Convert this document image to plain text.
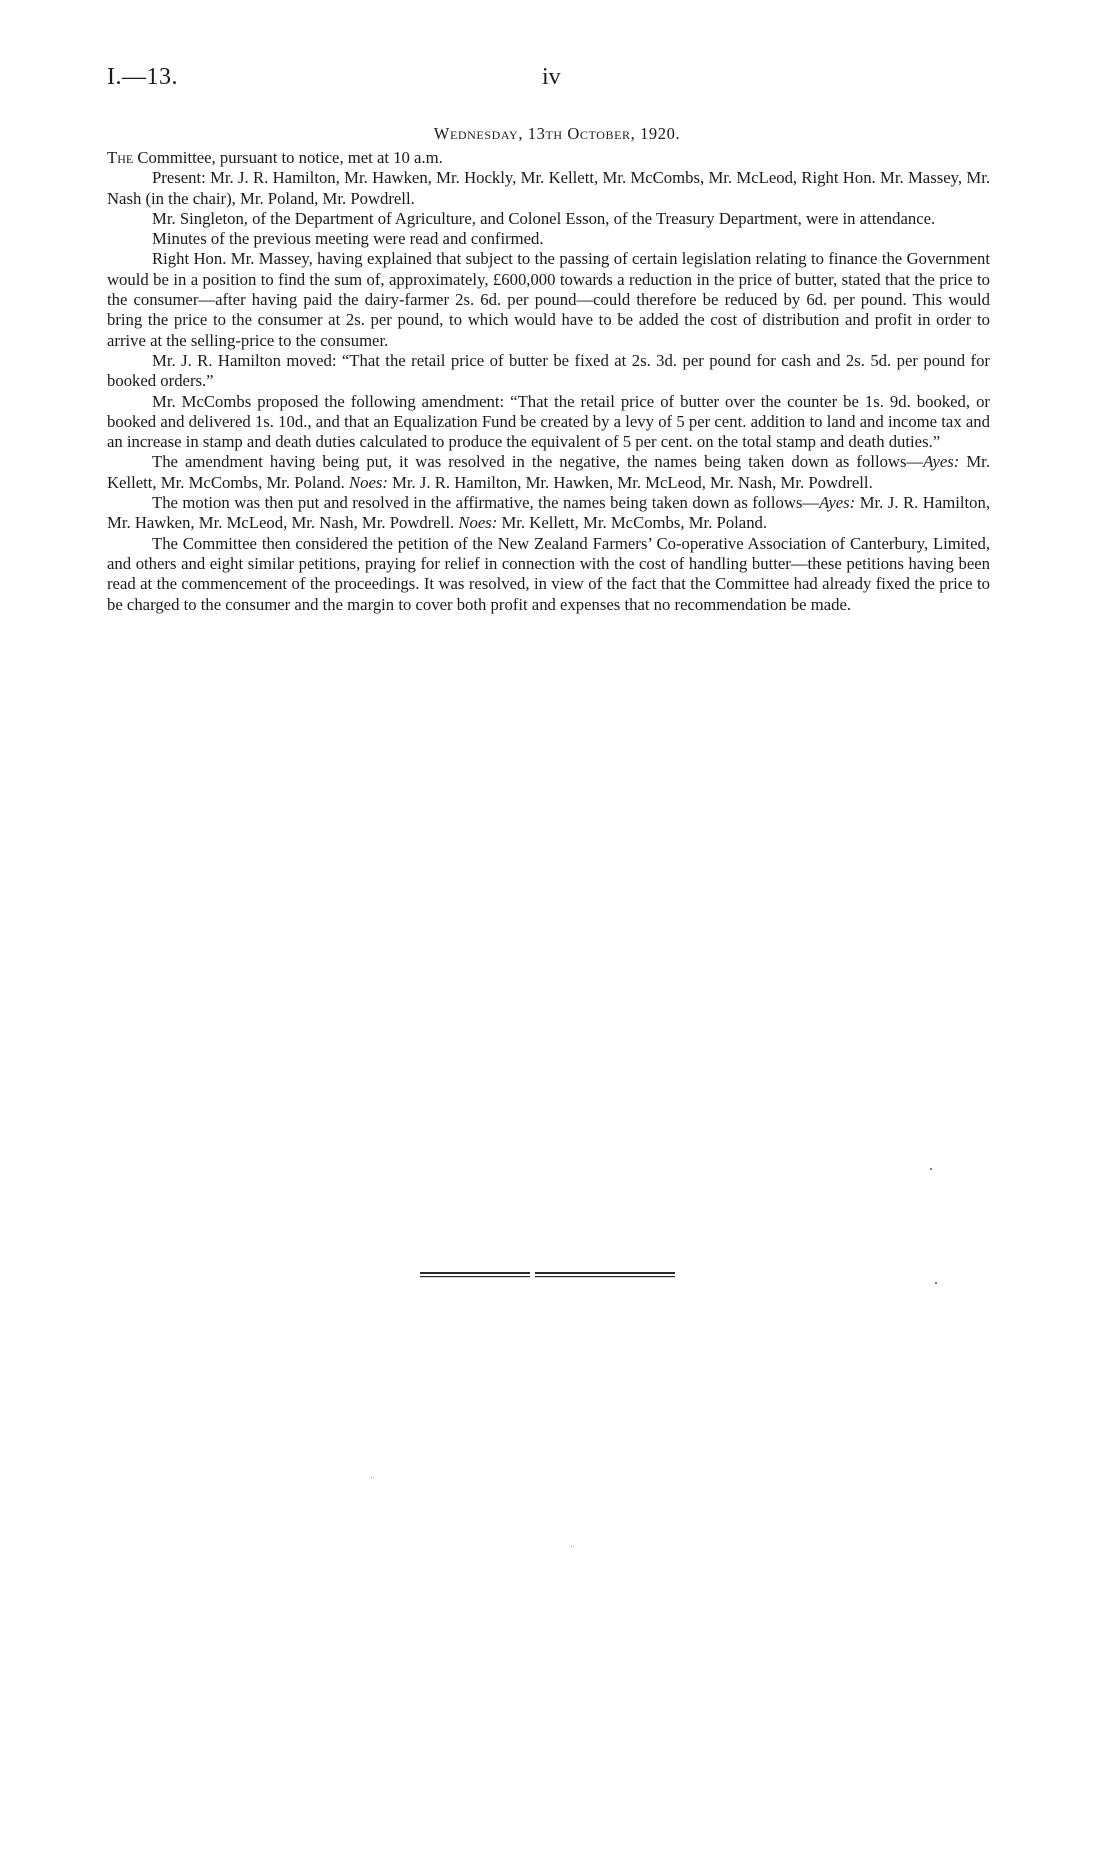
I.—13.	iv
Wednesday, 13th October, 1920.

The Committee, pursuant to notice, met at 10 a.m.

Present: Mr. J. R. Hamilton, Mr. Hawken, Mr. Hockly, Mr. Kellett, Mr. McCombs, Mr. McLeod, Right Hon. Mr. Massey, Mr. Nash (in the chair), Mr. Poland, Mr. Powdrell.

Mr. Singleton, of the Department of Agriculture, and Colonel Esson, of the Treasury Department, were in attendance.

Minutes of the previous meeting were read and confirmed.

Right Hon. Mr. Massey, having explained that subject to the passing of certain legislation relating to finance the Government would be in a position to find the sum of, approximately, £600,000 towards a reduction in the price of butter, stated that the price to the consumer—after having paid the dairy-farmer 2s. 6d. per pound—could therefore be reduced by 6d. per pound. This would bring the price to the consumer at 2s. per pound, to which would have to be added the cost of distribution and profit in order to arrive at the selling-price to the consumer.

Mr. J. R. Hamilton moved: “That the retail price of butter be fixed at 2s. 3d. per pound for cash and 2s. 5d. per pound for booked orders.”

Mr. McCombs proposed the following amendment: “That the retail price of butter over the counter be 1s. 9d. booked, or booked and delivered 1s. 10d., and that an Equalization Fund be created by a levy of 5 per cent. addition to land and income tax and an increase in stamp and death duties calculated to produce the equivalent of 5 per cent. on the total stamp and death duties.”

The amendment having being put, it was resolved in the negative, the names being taken down as follows—Ayes: Mr. Kellett, Mr. McCombs, Mr. Poland. Noes: Mr. J. R. Hamilton, Mr. Hawken, Mr. McLeod, Mr. Nash, Mr. Powdrell.

The motion was then put and resolved in the affirmative, the names being taken down as follows—Ayes: Mr. J. R. Hamilton, Mr. Hawken, Mr. McLeod, Mr. Nash, Mr. Powdrell. Noes: Mr. Kellett, Mr. McCombs, Mr. Poland.

The Committee then considered the petition of the New Zealand Farmers’ Co-operative Association of Canterbury, Limited, and others and eight similar petitions, praying for relief in connection with the cost of handling butter—these petitions having been read at the commencement of the proceedings. It was resolved, in view of the fact that the Committee had already fixed the price to be charged to the consumer and the margin to cover both profit and expenses that no recommendation be made.
